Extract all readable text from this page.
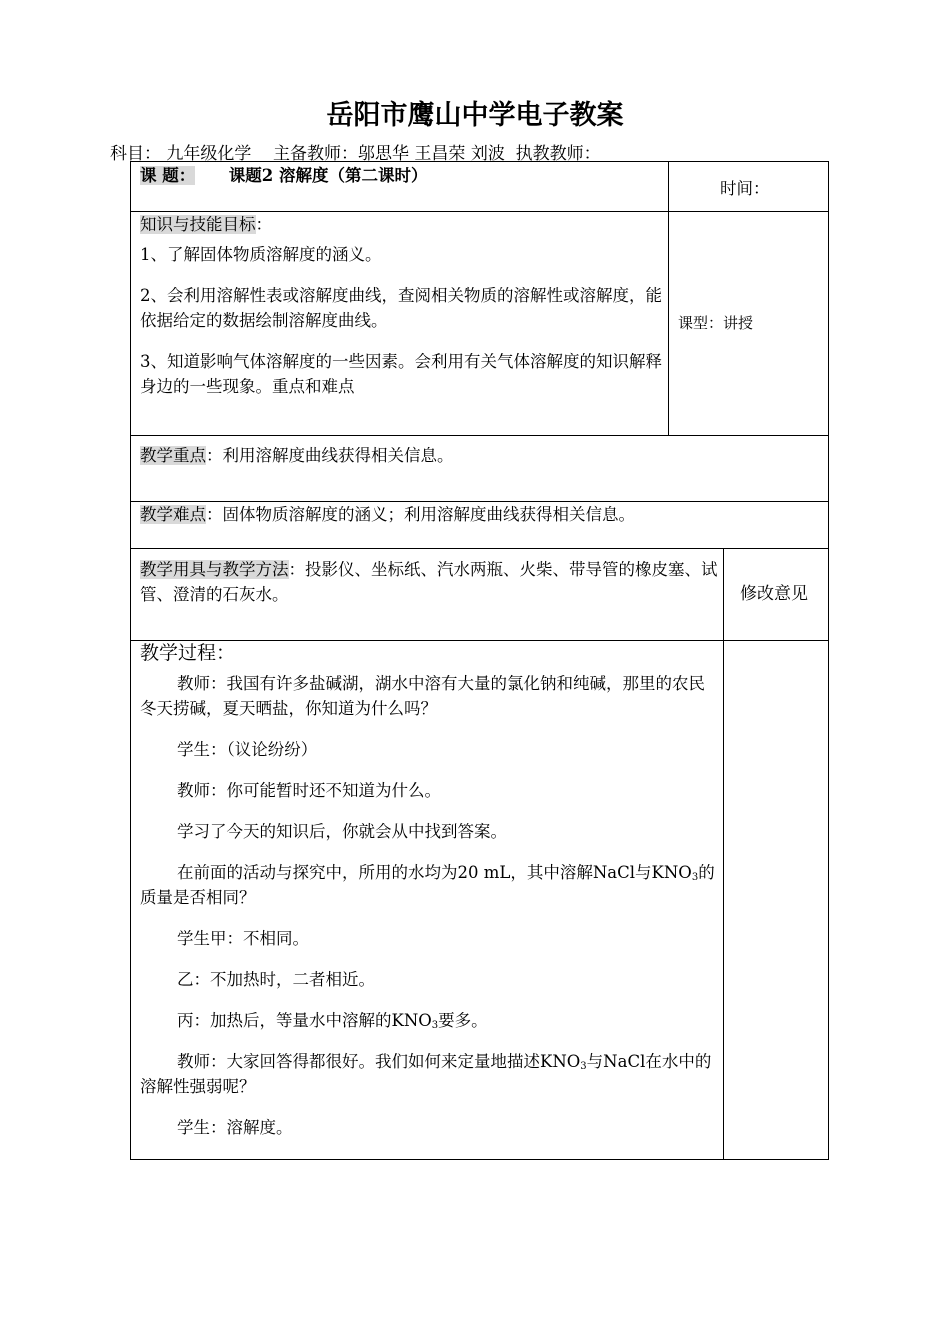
岳阳市鹰山中学电子教案
科目： 九年级化学 主备教师：邬思华 王昌荣 刘波 执教教师：
课 题： 课题2 溶解度（第二课时）
时间：
知识与技能目标：
1、了解固体物质溶解度的涵义。
2、会利用溶解性表或溶解度曲线，查阅相关物质的溶解性或溶解度，能依据给定的数据绘制溶解度曲线。
3、知道影响气体溶解度的一些因素。会利用有关气体溶解度的知识解释身边的一些现象。重点和难点
课型：讲授
教学重点：利用溶解度曲线获得相关信息。
教学难点：固体物质溶解度的涵义；利用溶解度曲线获得相关信息。
教学用具与教学方法：投影仪、坐标纸、汽水两瓶、火柴、带导管的橡皮塞、试管、澄清的石灰水。	修改意见
教学过程：
教师：我国有许多盐碱湖，湖水中溶有大量的氯化钠和纯碱，那里的农民冬天捞碱，夏天晒盐，你知道为什么吗？
学生：（议论纷纷）
教师：你可能暂时还不知道为什么。
学习了今天的知识后，你就会从中找到答案。
在前面的活动与探究中，所用的水均为20 mL，其中溶解NaCl与$KNO_3$的质量是否相同？
学生甲：不相同。
乙：不加热时，二者相近。
丙：加热后，等量水中溶解的$KNO_3$要多。
教师：大家回答得都很好。我们如何来定量地描述$KNO_3$与NaCl在水中的溶解性强弱呢？
学生：溶解度。
